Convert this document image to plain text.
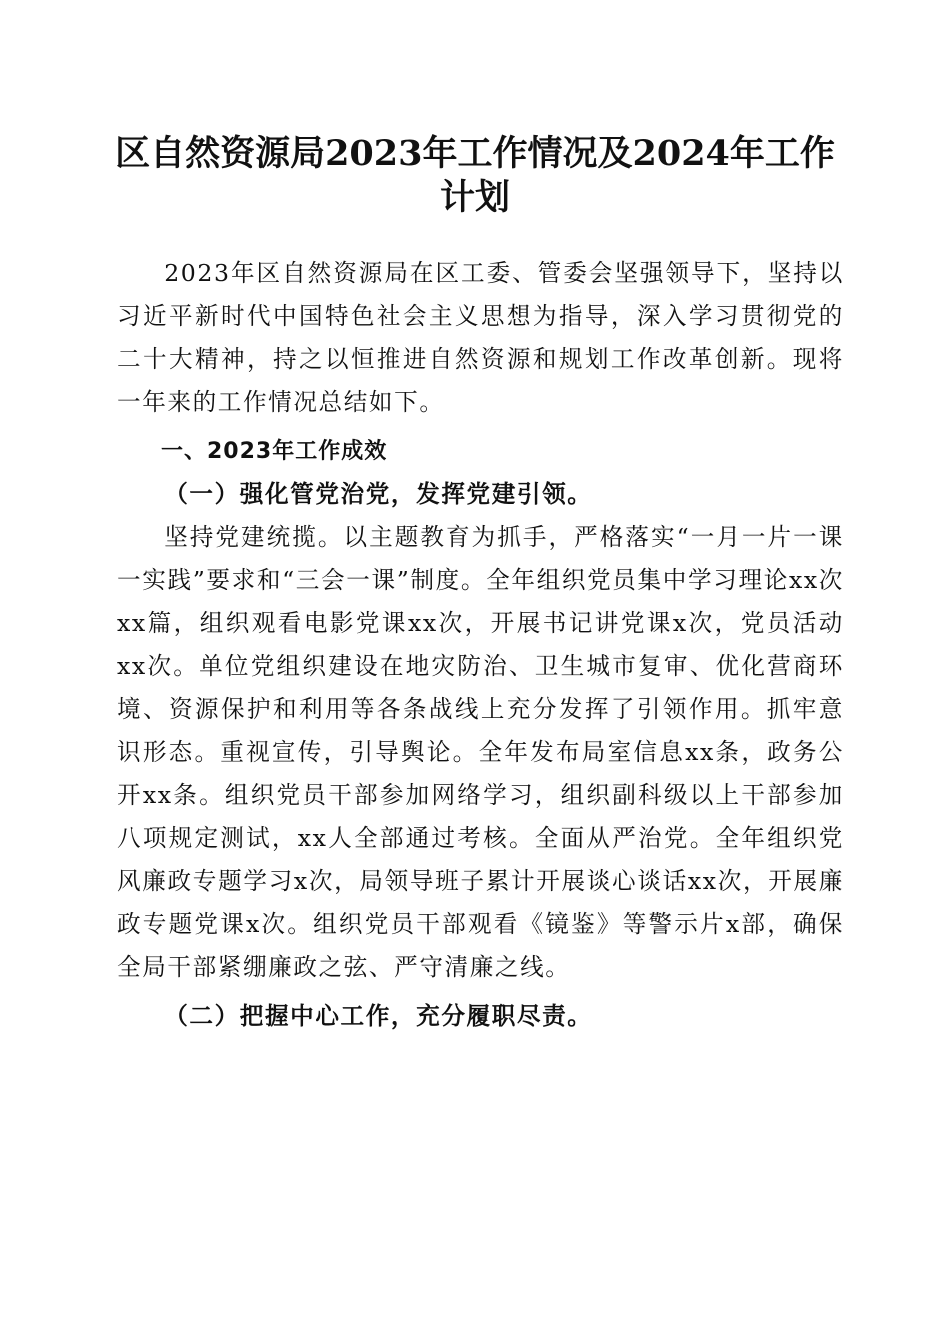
区自然资源局2023年工作情况及2024年工作计划

2023年区自然资源局在区工委、管委会坚强领导下，坚持以习近平新时代中国特色社会主义思想为指导，深入学习贯彻党的二十大精神，持之以恒推进自然资源和规划工作改革创新。现将一年来的工作情况总结如下。

一、2023年工作成效

（一）强化管党治党，发挥党建引领。

坚持党建统揽。以主题教育为抓手，严格落实“一月一片一课一实践”要求和“三会一课”制度。全年组织党员集中学习理论xx次xx篇，组织观看电影党课xx次，开展书记讲党课x次，党员活动xx次。单位党组织建设在地灾防治、卫生城市复审、优化营商环境、资源保护和利用等各条战线上充分发挥了引领作用。抓牢意识形态。重视宣传，引导舆论。全年发布局室信息xx条，政务公开xx条。组织党员干部参加网络学习，组织副科级以上干部参加八项规定测试，xx人全部通过考核。全面从严治党。全年组织党风廉政专题学习x次，局领导班子累计开展谈心谈话xx次，开展廉政专题党课x次。组织党员干部观看《镜鉴》等警示片x部，确保全局干部紧绷廉政之弦、严守清廉之线。

（二）把握中心工作，充分履职尽责。
